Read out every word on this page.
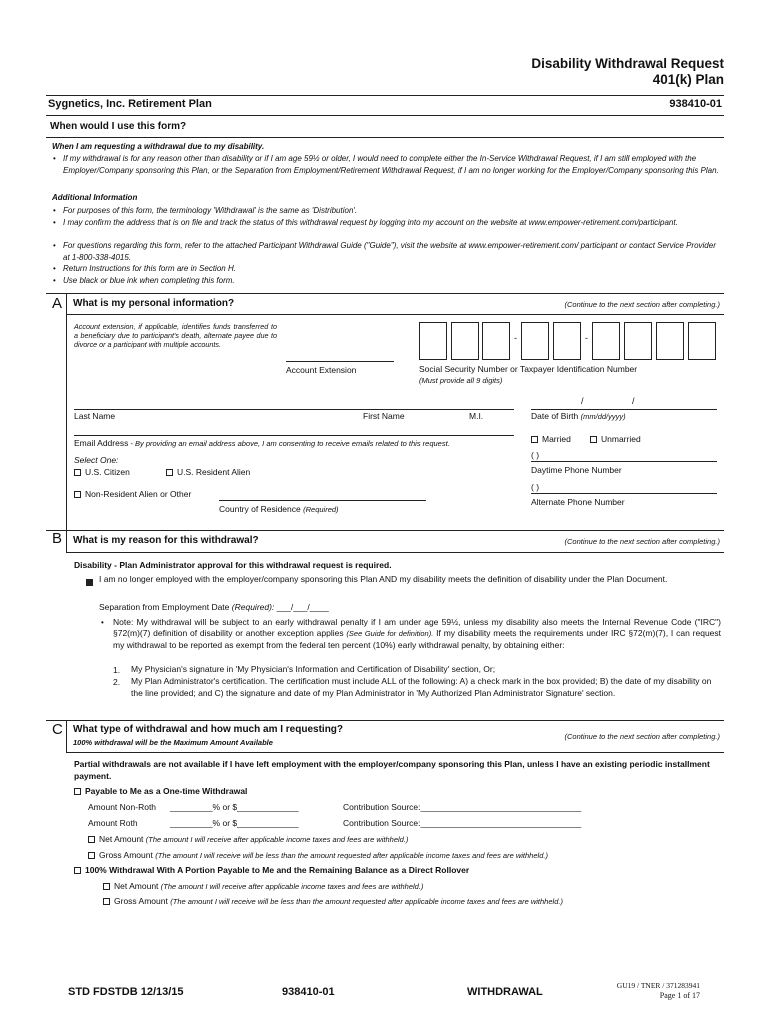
Disability Withdrawal Request
401(k) Plan
Sygnetics, Inc. Retirement Plan	938410-01
When would I use this form?
When I am requesting a withdrawal due to my disability.
• If my withdrawal is for any reason other than disability or if I am age 59½ or older, I would need to complete either the In-Service Withdrawal Request, if I am still employed with the Employer/Company sponsoring this Plan, or the Separation from Employment/Retirement Withdrawal Request, if I am no longer working for the Employer/Company sponsoring this Plan.
Additional Information
• For purposes of this form, the terminology 'Withdrawal' is the same as 'Distribution'.
• I may confirm the address that is on file and track the status of this withdrawal request by logging into my account on the website at www.empower-retirement.com/participant.
• For questions regarding this form, refer to the attached Participant Withdrawal Guide ("Guide"), visit the website at www.empower-retirement.com/ participant or contact Service Provider at 1-800-338-4015.
• Return Instructions for this form are in Section H.
• Use black or blue ink when completing this form.
A What is my personal information?	(Continue to the next section after completing.)
Account extension, if applicable, identifies funds transferred to a beneficiary due to participant's death, alternate payee due to divorce or a participant with multiple accounts.
Account Extension
-	-
Social Security Number or Taxpayer Identification Number
(Must provide all 9 digits)
Last Name	First Name	M.I.
/	/
Date of Birth (mm/dd/yyyy)
Email Address - By providing an email address above, I am consenting to receive emails related to this request.	Married	Unmarried
( )
Daytime Phone Number
( )
Alternate Phone Number
Select One:
U.S. Citizen	U.S. Resident Alien
Non-Resident Alien or Other
Country of Residence (Required)
B What is my reason for this withdrawal?	(Continue to the next section after completing.)
Disability - Plan Administrator approval for this withdrawal request is required.
I am no longer employed with the employer/company sponsoring this Plan AND my disability meets the definition of disability under the Plan Document.
Separation from Employment Date (Required): ___/___/____
• Note: My withdrawal will be subject to an early withdrawal penalty if I am under age 59½, unless my disability also meets the Internal Revenue Code ("IRC") §72(m)(7) definition of disability or another exception applies (See Guide for definition). If my disability meets the requirements under IRC §72(m)(7), I can request my withdrawal to be reported as exempt from the federal ten percent (10%) early withdrawal penalty, by obtaining either:
1. My Physician's signature in 'My Physician's Information and Certification of Disability' section, Or;
2. My Plan Administrator's certification. The certification must include ALL of the following: A) a check mark in the box provided; B) the date of my disability on the line provided; and C) the signature and date of my Plan Administrator in 'My Authorized Plan Administrator Signature' section.
C What type of withdrawal and how much am I requesting?
100% withdrawal will be the Maximum Amount Available
(Continue to the next section after completing.)
Partial withdrawals are not available if I have left employment with the employer/company sponsoring this Plan, unless I have an existing periodic installment payment.
Payable to Me as a One-time Withdrawal
Amount Non-Roth _________% or $_____________	Contribution Source:__________________________________
Amount Roth	_________% or $_____________	Contribution Source:__________________________________
Net Amount (The amount I will receive after applicable income taxes and fees are withheld.)
Gross Amount (The amount I will receive will be less than the amount requested after applicable income taxes and fees are withheld.)
100% Withdrawal With A Portion Payable to Me and the Remaining Balance as a Direct Rollover
Net Amount (The amount I will receive after applicable income taxes and fees are withheld.)
Gross Amount (The amount I will receive will be less than the amount requested after applicable income taxes and fees are withheld.)
STD FDSTDB 12/13/15	938410-01	WITHDRAWAL
GU19 / TNER / 371283941
Page 1 of 17
